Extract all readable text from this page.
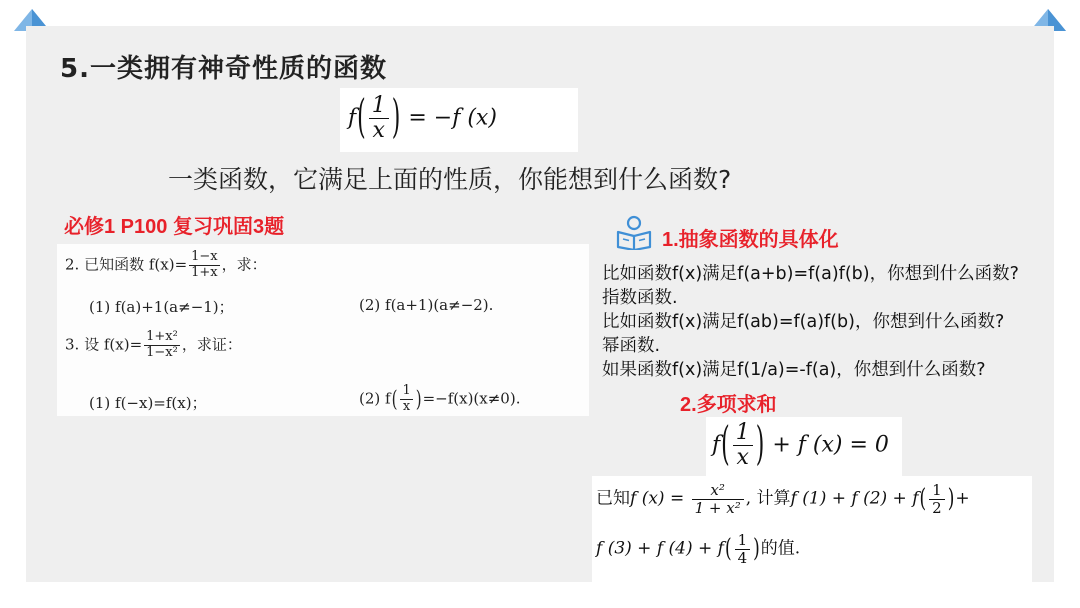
5.一类拥有神奇性质的函数
$f( \frac{1}{x}$ ) = −f (x)
一类函数，它满足上面的性质，你能想到什么函数?
必修1 P100 复习巩固3题
2. 已知函数 $f(x)= \frac{1-x}{1+x}$ ，求：
(1) f(a)+1(a≠−1)；	(2) f(a+1)(a≠−2).
3. 设 $f(x)= \frac{\text{1+x²}}{\text{1−x²}}$ ，求证：
(1) f(−x)=f(x)；	(2) $f( \frac{1}{x} )=-f(x)(x\ne 0)$.
1.抽象函数的具体化
比如函数f(x)满足f(a+b)=f(a)f(b)，你想到什么函数?
指数函数.
比如函数f(x)满足f(ab)=f(a)f(b)，你想到什么函数?
幂函数.
如果函数f(x)满足f(1/a)=-f(a)，你想到什么函数?
2.多项求和
$f( \frac{1}{x}$ ) + f (x) = 0
已知f $(x) = \frac{\text{x²}}{\text{1 + x²}}$ , 计算f (1) + f $(2) + f( \frac{1}{2}$ )+
f (3) + f $(4) + f( \frac{1}{4}$ )的值.
